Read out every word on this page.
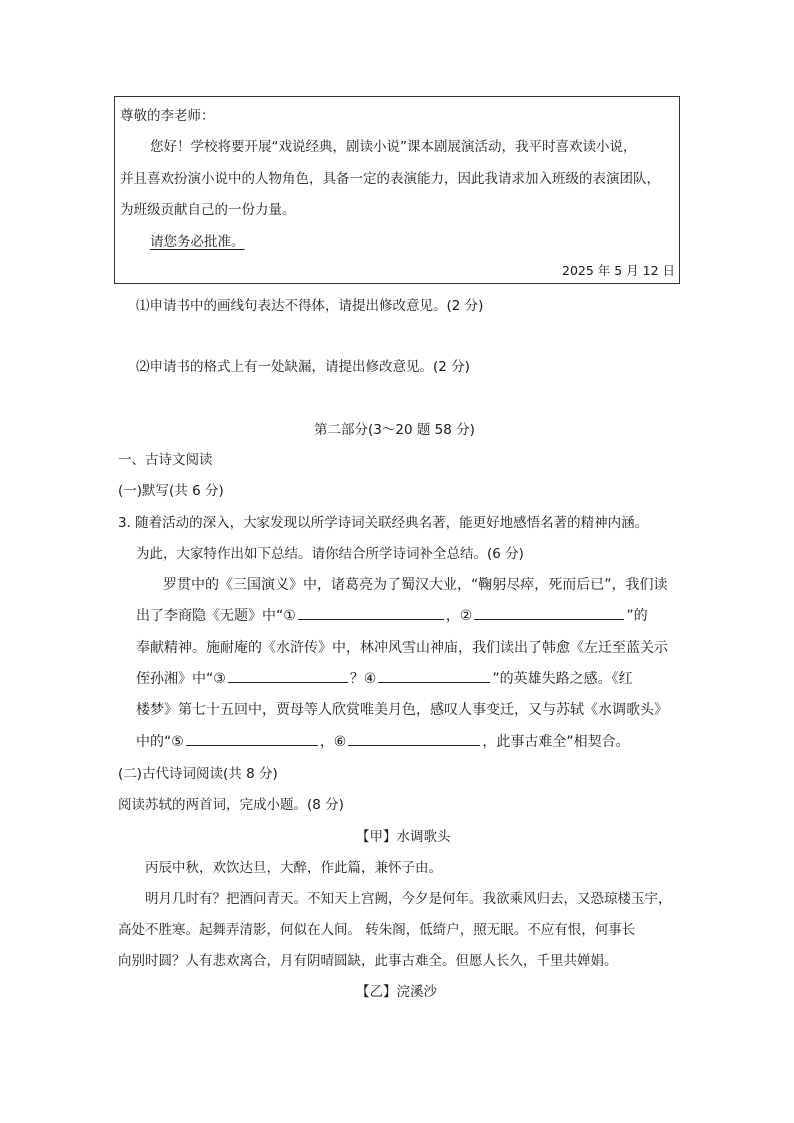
尊敬的李老师：
您好！学校将要开展“戏说经典，剧读小说”课本剧展演活动，我平时喜欢读小说，
并且喜欢扮演小说中的人物角色，具备一定的表演能力，因此我请求加入班级的表演团队，
为班级贡献自己的一份力量。
请您务必批准。
2025 年 5 月 12 日
⑴申请书中的画线句表达不得体，请提出修改意见。(2 分)
⑵申请书的格式上有一处缺漏，请提出修改意见。(2 分)
第二部分(3～20 题 58 分)
一、古诗文阅读
(一)默写(共 6 分)
3. 随着活动的深入，大家发现以所学诗词关联经典名著，能更好地感悟名著的精神内涵。
为此，大家特作出如下总结。请你结合所学诗词补全总结。(6 分)
罗贯中的《三国演义》中，诸葛亮为了蜀汉大业，“鞠躬尽瘁，死而后已”，我们读
出了李商隐《无题》中“①	，②	”的
奉献精神。施耐庵的《水浒传》中，林冲风雪山神庙，我们读出了韩愈《左迁至蓝关示
侄孙湘》中“③	？④	”的英雄失路之感。《红
楼梦》第七十五回中，贾母等人欣赏唯美月色，感叹人事变迁，又与苏轼《水调歌头》
中的“⑤	，⑥	，此事古难全”相契合。
(二)古代诗词阅读(共 8 分)
阅读苏轼的两首词，完成小题。(8 分)
【甲】水调歌头
丙辰中秋，欢饮达旦，大醉，作此篇，兼怀子由。
明月几时有？把酒问青天。不知天上宫阙，今夕是何年。我欲乘风归去，又恐琼楼玉宇，
高处不胜寒。起舞弄清影，何似在人间。 转朱阁，低绮户，照无眠。不应有恨，何事长
向别时圆？人有悲欢离合，月有阴晴圆缺，此事古难全。但愿人长久，千里共婵娟。
【乙】浣溪沙
